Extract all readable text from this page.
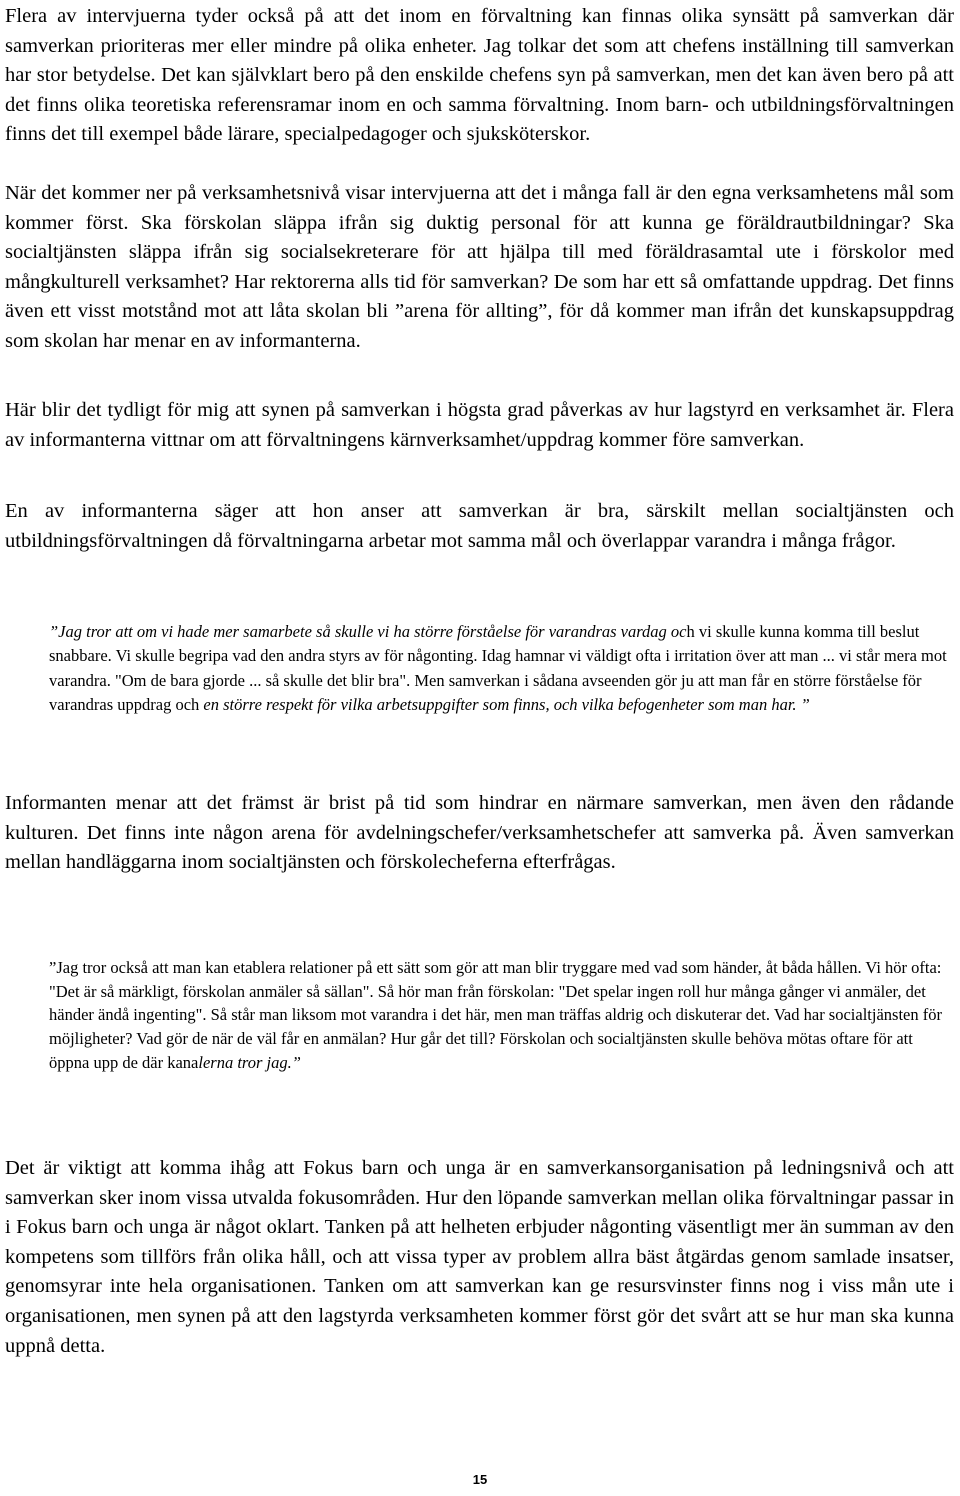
Flera av intervjuerna tyder också på att det inom en förvaltning kan finnas olika synsätt på samverkan där samverkan prioriteras mer eller mindre på olika enheter. Jag tolkar det som att chefens inställning till samverkan har stor betydelse. Det kan självklart bero på den enskilde chefens syn på samverkan, men det kan även bero på att det finns olika teoretiska referensramar inom en och samma förvaltning. Inom barn- och utbildningsförvaltningen finns det till exempel både lärare, specialpedagoger och sjuksköterskor.

När det kommer ner på verksamhetsnivå visar intervjuerna att det i många fall är den egna verksamhetens mål som kommer först. Ska förskolan släppa ifrån sig duktig personal för att kunna ge föräldrautbildningar? Ska socialtjänsten släppa ifrån sig socialsekreterare för att hjälpa till med föräldrasamtal ute i förskolor med mångkulturell verksamhet? Har rektorerna alls tid för samverkan? De som har ett så omfattande uppdrag. Det finns även ett visst motstånd mot att låta skolan bli ”arena för allting”, för då kommer man ifrån det kunskapsuppdrag som skolan har menar en av informanterna.

Här blir det tydligt för mig att synen på samverkan i högsta grad påverkas av hur lagstyrd en verksamhet är. Flera av informanterna vittnar om att förvaltningens kärnverksamhet/uppdrag kommer före samverkan.

En av informanterna säger att hon anser att samverkan är bra, särskilt mellan socialtjänsten och utbildningsförvaltningen då förvaltningarna arbetar mot samma mål och överlappar varandra i många frågor.

”Jag tror att om vi hade mer samarbete så skulle vi ha större förståelse för varandras vardag och vi skulle kunna komma till beslut snabbare. Vi skulle begripa vad den andra styrs av för någonting. Idag hamnar vi väldigt ofta i irritation över att man ... vi står mera mot varandra. "Om de bara gjorde ... så skulle det blir bra". Men samverkan i sådana avseenden gör ju att man får en större förståelse för varandras uppdrag och en större respekt för vilka arbetsuppgifter som finns, och vilka befogenheter som man har. ”

Informanten menar att det främst är brist på tid som hindrar en närmare samverkan, men även den rådande kulturen. Det finns inte någon arena för avdelningschefer/verksamhetschefer att samverka på. Även samverkan mellan handläggarna inom socialtjänsten och förskolecheferna efterfrågas.

”Jag tror också att man kan etablera relationer på ett sätt som gör att man blir tryggare med vad som händer, åt båda hållen. Vi hör ofta: "Det är så märkligt, förskolan anmäler så sällan". Så hör man från förskolan: "Det spelar ingen roll hur många gånger vi anmäler, det händer ändå ingenting". Så står man liksom mot varandra i det här, men man träffas aldrig och diskuterar det. Vad har socialtjänsten för möjligheter? Vad gör de när de väl får en anmälan? Hur går det till? Förskolan och socialtjänsten skulle behöva mötas oftare för att öppna upp de där kanalerna tror jag.”

Det är viktigt att komma ihåg att Fokus barn och unga är en samverkansorganisation på ledningsnivå och att samverkan sker inom vissa utvalda fokusområden. Hur den löpande samverkan mellan olika förvaltningar passar in i Fokus barn och unga är något oklart. Tanken på att helheten erbjuder någonting väsentligt mer än summan av den kompetens som tillförs från olika håll, och att vissa typer av problem allra bäst åtgärdas genom samlade insatser, genomsyrar inte hela organisationen. Tanken om att samverkan kan ge resursvinster finns nog i viss mån ute i organisationen, men synen på att den lagstyrda verksamheten kommer först gör det svårt att se hur man ska kunna uppnå detta.

15
